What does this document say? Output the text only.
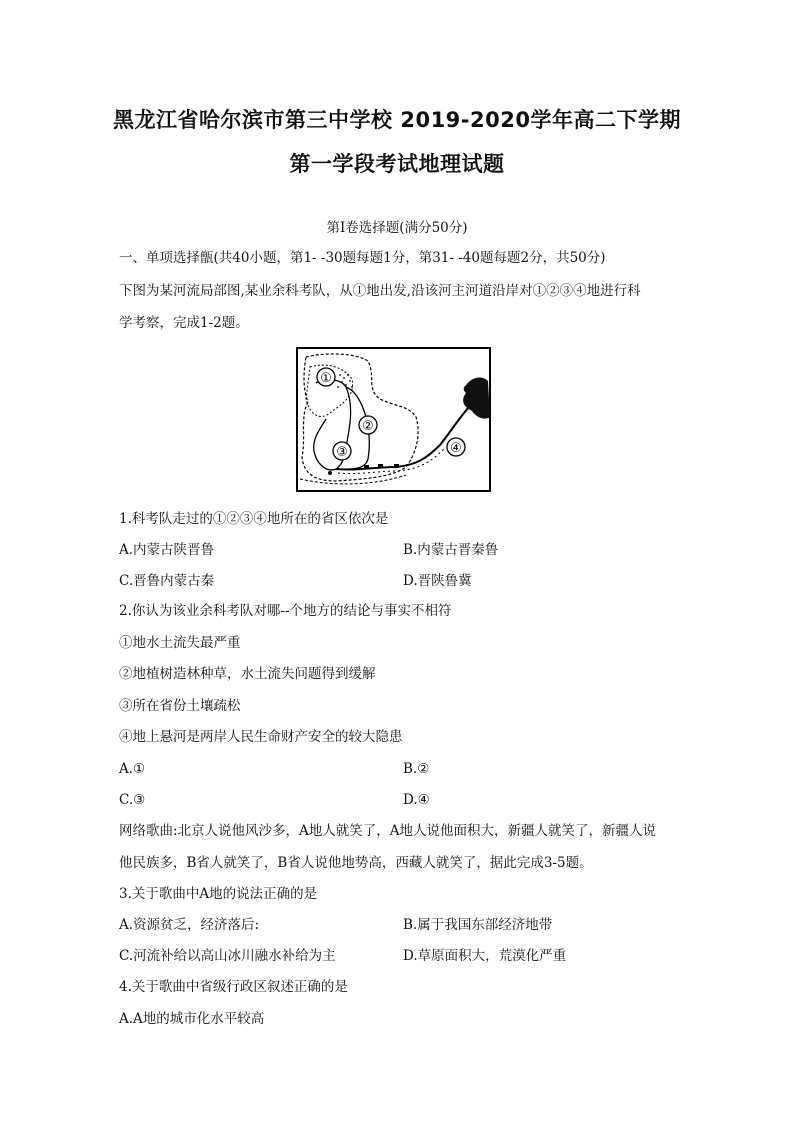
黑龙江省哈尔滨市第三中学校 2019-2020学年高二下学期
第一学段考试地理试题
第Ⅰ卷选择题(满分50分)
一、单项选择甑(共40小题，第1- -30题每题1分，第31- -40题每题2分，共50分)
下图为某河流局部图,某业余科考队，从①地出发,沿该河主河道沿岸对①②③④地进行科
学考察，完成1-2题。
①
②
③	④
1.科考队走过的①②③④地所在的省区依次是
A.内蒙古陕晋鲁	B.内蒙古晋秦鲁
C.晋鲁内蒙古秦	D.晋陕鲁冀
2.你认为该业余科考队对哪--个地方的结论与事实不相符
①地水土流失最严重
②地植树造林种草，水土流失问题得到缓解
③所在省份土壤疏松
④地上悬河是两岸人民生命财产安全的较大隐患
A.①	B.②
C.③	D.④
网络歌曲:北京人说他风沙多，A地人就笑了，A地人说他面积大，新疆人就笑了，新疆人说
他民族多，B省人就笑了，B省人说他地势高，西藏人就笑了，据此完成3-5题。
3.关于歌曲中A地的说法正确的是
A.资源贫乏，经济落后:	B.属于我国东部经济地带
C.河流补给以高山冰川融水补给为主	D.草原面积大，荒漠化严重
4.关于歌曲中省级行政区叙述正确的是
A.A地的城市化水平较高
